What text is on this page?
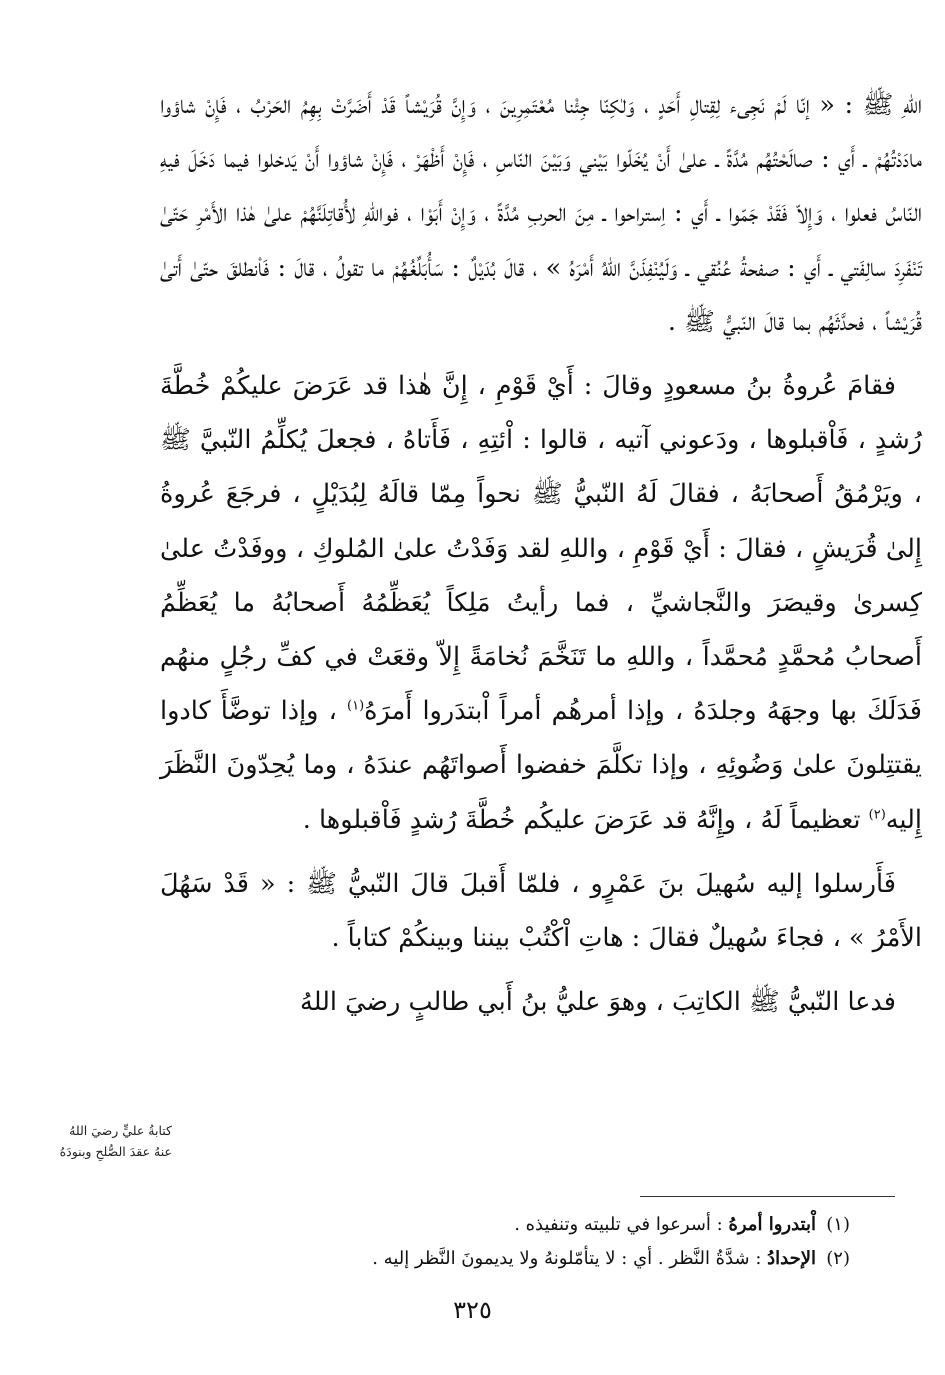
اللهِ ﷺ : « إنّا لَمْ نَجِىء لِقِتالِ أَحَدٍ ، وَلٰكِنّا جِئْنا مُعْتَمِرِينَ ، وَإِنَّ قُرَيْشاً قَدْ أَضَرَّتْ بِهِمُ الحَرْبُ ، فَإِنْ شاؤوا مادَدْتُهُمْ ـ أَي : صالَحْتُهُم مُدَّةً ـ علىٰ أَنْ يُخَلّوا بَيْني وَبَيْنَ النّاسِ ، فَإِنْ أَظْهَرْ ، فَإِنْ شاؤوا أَنْ يَدخلوا فيما دَخَلَ فيهِ النّاسُ فعلوا ، وَإِلاّ فَقَدْ جَمّوا ـ أَي : اِستراحوا ـ مِنَ الحربِ مُدَّةً ، وَإِنْ أَبَوْا ، فواللهِ لأُقاتِلَنَّهُمْ علىٰ هٰذا الأَمْرِ حَتّىٰ تَنْفَرِدَ سالِفَتي ـ أَي : صفحةُ عُنُقي ـ وَلَيُنْفِذَنَّ اللهُ أَمْرَهُ » ، قالَ بُدَيْلٌ : سَأُبَلِّغُهُمْ ما تقولُ ، قالَ : فَاْنطلقَ حتّىٰ أَتىٰ قُرَيْشاً ، فحدَّثَهُم بما قالَ النّبيُّ ﷺ .

فقامَ عُروةُ بنُ مسعودٍ وقالَ : أَيْ قَوْمِ ، إِنَّ هٰذا قد عَرَضَ عليكُمْ خُطَّةَ رُشدٍ ، فَاْقبلوها ، ودَعوني آتيه ، قالوا : اْئتِهِ ، فَأَتاهُ ، فجعلَ يُكلِّمُ النّبيَّ ﷺ ، ويَرْمُقُ أَصحابَهُ ، فقالَ لَهُ النّبيُّ ﷺ نحواً مِمّا قالَهُ لِبُدَيْلٍ ، فرجَعَ عُروةُ إِلىٰ قُرَيشٍ ، فقالَ : أَيْ قَوْمِ ، واللهِ لقد وَفَدْتُ علىٰ المُلوكِ ، ووفَدْتُ علىٰ كِسرىٰ وقيصَرَ والنَّجاشيِّ ، فما رأيتُ مَلِكاً يُعَظِّمُهُ أَصحابُهُ ما يُعَظِّمُ أَصحابُ مُحمَّدٍ مُحمَّداً ، واللهِ ما تَنَخَّمَ نُخامَةً إِلاّ وقعَتْ في كفِّ رجُلٍ منهُم فَدَلَكَ بها وجهَهُ وجلدَهُ ، وإذا أمرهُم أمراً اْبتدَروا أَمرَهُ$^{(١)}$ ، وإذا توضَّأَ كادوا يقتتِلونَ علىٰ وَضُوئِهِ ، وإذا تكلَّمَ خفضوا أَصواتَهُم عندَهُ ، وما يُحِدّونَ النَّظَرَ إِليه$^{(٢)}$ تعظيماً لَهُ ، وإِنَّهُ قد عَرَضَ عليكُم خُطَّةَ رُشدٍ فَاْقبلوها .

فَأَرسلوا إليه سُهيلَ بنَ عَمْرٍو ، فلمّا أَقبلَ قالَ النّبيُّ ﷺ : « قَدْ سَهُلَ الأَمْرُ » ، فجاءَ سُهيلٌ فقالَ : هاتِ اْكْتُبْ بيننا وبينكُمْ كتاباً .

فدعا النّبيُّ ﷺ الكاتِبَ ، وهوَ عليُّ بنُ أَبي طالبٍ رضيَ اللهُ

كتابةُ عليٍّ رضيَ اللهُ
عنهُ عقدَ الصُّلحِ وبنودَهُ

(١)اْبتدروا أمرهُ : أسرعوا في تلبيته وتنفيذه .

(٢)الإحدادُ : شدَّةُ النَّظر . أي : لا يتأمّلونهُ ولا يديمونَ النَّظر إليه .

٣٢٥
